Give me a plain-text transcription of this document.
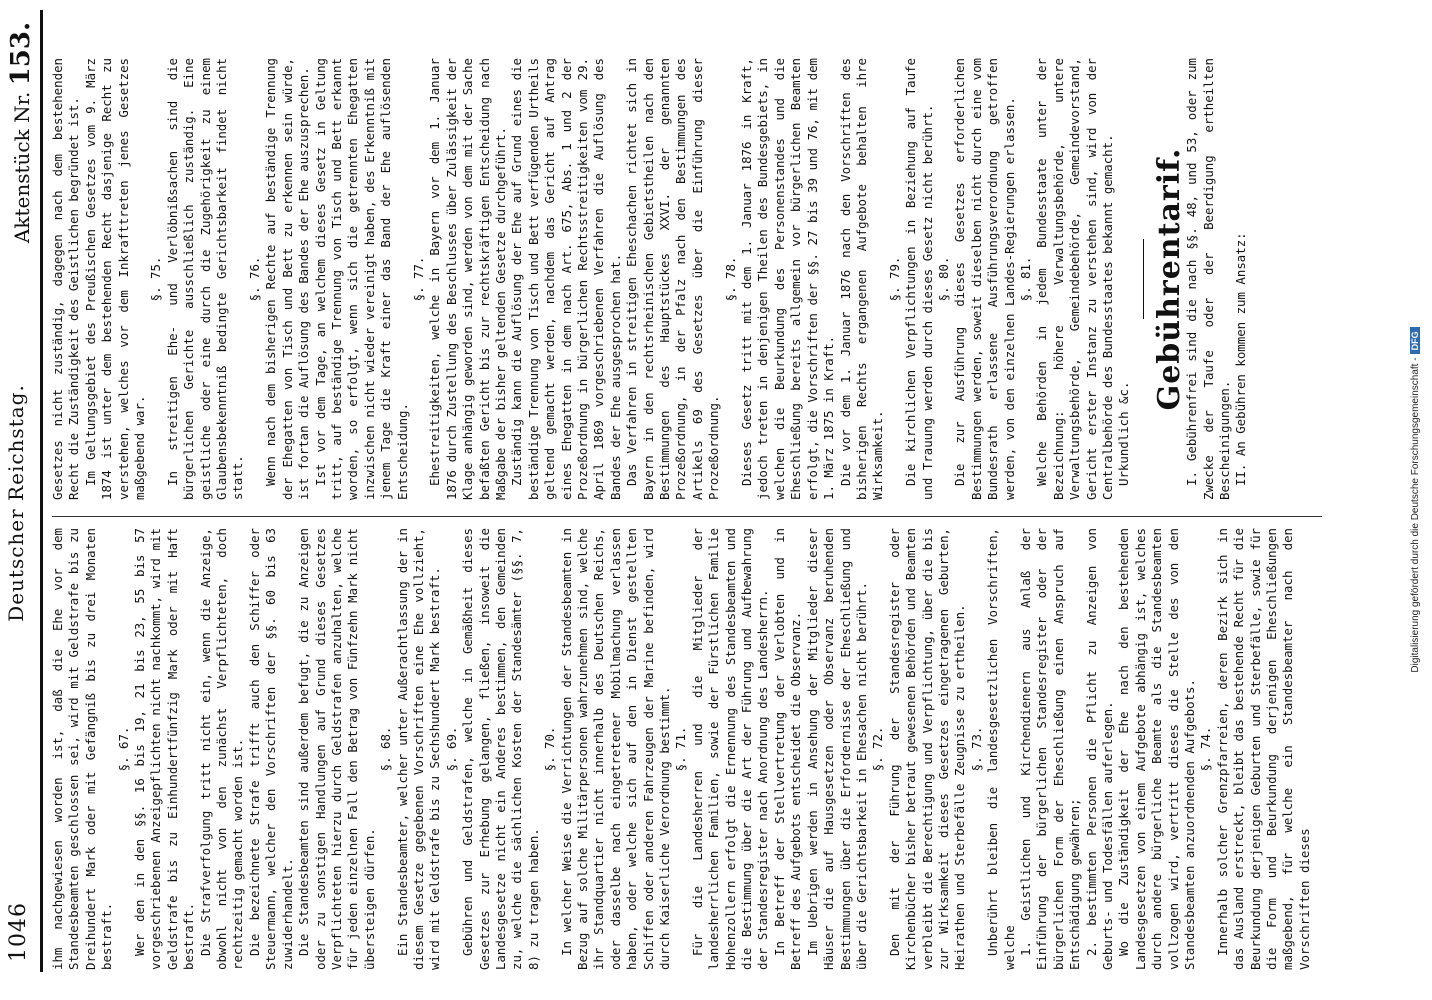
1046
Deutscher Reichstag.
Aktenstück Nr. 153.

ihm nachgewiesen worden ist, daß die Ehe vor dem Standesbeamten geschlossen sei, wird mit Geldstrafe bis zu Dreihundert Mark oder mit Gefängniß bis zu drei Monaten bestraft.

§. 67. Wer den in den §§. 16 bis 19, 21 bis 23, 55 bis 57 vorgeschriebenen Anzeigepflichten nicht nachkommt, wird mit Geldstrafe bis zu Einhundertfünfzig Mark oder mit Haft bestraft. Die Strafverfolgung tritt nicht ein, wenn die Anzeige, obwohl nicht von den zunächst Verpflichteten, doch rechtzeitig gemacht worden ist. Die bezeichnete Strafe trifft auch den Schiffer oder Steuermann, welcher den Vorschriften der §§. 60 bis 63 zuwiderhandelt. Die Standesbeamten sind außerdem befugt, die zu Anzeigen oder zu sonstigen Handlungen auf Grund dieses Gesetzes Verpflichteten hierzu durch Geldstrafen anzuhalten, welche für jeden einzelnen Fall den Betrag von Fünfzehn Mark nicht übersteigen dürfen.

§. 68. Ein Standesbeamter, welcher unter Außerachtlassung der in diesem Gesetze gegebenen Vorschriften eine Ehe vollzieht, wird mit Geldstrafe bis zu Sechshundert Mark bestraft. §. 69. Gebühren und Geldstrafen, welche in Gemäßheit dieses Gesetzes zur Erhebung gelangen, fließen, insoweit die Landesgesetze nicht ein Anderes bestimmen, den Gemeinden zu, welche die sächlichen Kosten der Standesämter (§§. 7, 8) zu tragen haben.

§. 70. In welcher Weise die Verrichtungen der Standesbeamten in Bezug auf solche Militärpersonen wahrzunehmen sind, welche ihr Standquartier nicht innerhalb des Deutschen Reichs, oder dasselbe nach eingetretener Mobilmachung verlassen haben, oder welche sich auf den in Dienst gestellten Schiffen oder anderen Fahrzeugen der Marine befinden, wird durch Kaiserliche Verordnung bestimmt. §. 71. Für die Landesherren und die Mitglieder der landesherrlichen Familien, sowie der Fürstlichen Familie Hohenzollern erfolgt die Ernennung des Standesbeamten und die Bestimmung über die Art der Führung und Aufbewahrung der Standesregister nach Anordnung des Landesherrn. In Betreff der Stellvertretung der Verlobten und in Betreff des Aufgebots entscheidet die Observanz. Im Uebrigen werden in Ansehung der Mitglieder dieser Häuser die auf Hausgesetzen oder Observanz beruhenden Bestimmungen über die Erfordernisse der Eheschließung und über die Gerichtsbarkeit in Ehesachen nicht berührt. §. 72. Den mit der Führung der Standesregister oder Kirchenbücher bisher betraut gewesenen Behörden und Beamten verbleibt die Berechtigung und Verpflichtung, über die bis zur Wirksamkeit dieses Gesetzes eingetragenen Geburten, Heirathen und Sterbefälle Zeugnisse zu ertheilen. §. 73. Unberührt bleiben die landesgesetzlichen Vorschriften, welche 1. Geistlichen und Kirchendienern aus Anlaß der Einführung der bürgerlichen Standesregister oder der bürgerlichen Form der Eheschließung einen Anspruch auf Entschädigung gewähren; 2. bestimmten Personen die Pflicht zu Anzeigen von Geburts- und Todesfällen auferlegen. Wo die Zuständigkeit der Ehe nach den bestehenden Landesgesetzen von einem Aufgebote abhängig ist, welches durch andere bürgerliche Beamte als die Standesbeamten vollzogen wird, vertritt dieses die Stelle des von den Standesbeamten anzuordnenden Aufgebots. §. 74. Innerhalb solcher Grenzpfarreien, deren Bezirk sich in das Ausland erstreckt, bleibt das bestehende Recht für die Beurkundung derjenigen Geburten und Sterbefälle, sowie für die Form und Beurkundung derjenigen Eheschließungen maßgebend, für welche ein Standesbeamter nach den Vorschriften dieses

Gesetzes nicht zuständig, dagegen nach dem bestehenden Recht die Zuständigkeit des Geistlichen begründet ist. Im Geltungsgebiet des Preußischen Gesetzes vom 9. März 1874 ist unter dem bestehenden Recht dasjenige Recht zu verstehen, welches vor dem Inkrafttreten jenes Gesetzes maßgebend war.

§. 75. In streitigen Ehe- und Verlöbnißsachen sind die bürgerlichen Gerichte ausschließlich zuständig. Eine geistliche oder eine durch die Zugehörigkeit zu einem Glaubensbekenntniß bedingte Gerichtsbarkeit findet nicht statt.

§. 76. Wenn nach dem bisherigen Rechte auf beständige Trennung der Ehegatten von Tisch und Bett zu erkennen sein würde, ist fortan die Auflösung des Bandes der Ehe auszusprechen. Ist vor dem Tage, an welchem dieses Gesetz in Geltung tritt, auf beständige Trennung von Tisch und Bett erkannt worden, so erfolgt, wenn sich die getrennten Ehegatten inzwischen nicht wieder vereinigt haben, des Erkenntniß mit jenem Tage die Kraft einer das Band der Ehe auflösenden Entscheidung.

§. 77. Ehestreitigkeiten, welche in Bayern vor dem 1. Januar 1876 durch Zustellung des Beschlusses über Zulässigkeit der Klage anhängig geworden sind, werden von dem mit der Sache befaßten Gericht bis zur rechtskräftigen Entscheidung nach Maßgabe der bisher geltenden Gesetze durchgeführt. Zuständig kann die Auflösung der Ehe auf Grund eines die beständige Trennung von Tisch und Bett verfügenden Urtheils geltend gemacht werden, nachdem das Gericht auf Antrag eines Ehegatten in dem nach Art. 675, Abs. 1 und 2 der Prozeßordnung in bürgerlichen Rechtsstreitigkeiten vom 29. April 1869 vorgeschriebenen Verfahren die Auflösung des Bandes der Ehe ausgesprochen hat. Das Verfahren in streitigen Eheschachen richtet sich in Bayern in den rechtsrheinischen Gebietstheilen nach den Bestimmungen des Hauptstückes XXVI. der genannten Prozeßordnung, in der Pfalz nach den Bestimmungen des Artikels 69 des Gesetzes über die Einführung dieser Prozeßordnung.

§. 78. Dieses Gesetz tritt mit dem 1. Januar 1876 in Kraft, jedoch treten in denjenigen Theilen des Bundesgebiets, in welchen die Beurkundung des Personenstandes und die Eheschließung bereits allgemein vor bürgerlichen Beamten erfolgt, die Vorschriften der §§. 27 bis 39 und 76, mit dem 1. März 1875 in Kraft. Die vor dem 1. Januar 1876 nach den Vorschriften des bisherigen Rechts ergangenen Aufgebote behalten ihre Wirksamkeit.

§. 79. Die kirchlichen Verpflichtungen in Beziehung auf Taufe und Trauung werden durch dieses Gesetz nicht berührt. §. 80. Die zur Ausführung dieses Gesetzes erforderlichen Bestimmungen werden, soweit dieselben nicht durch eine vom Bundesrath erlassene Ausführungsverordnung getroffen werden, von den einzelnen Landes-Regierungen erlassen. §. 81. Welche Behörden in jedem Bundesstaate unter der Bezeichnung: höhere Verwaltungsbehörde, untere Verwaltungsbehörde, Gemeindebehörde, Gemeindevorstand, Gericht erster Instanz zu verstehen sind, wird von der Centralbehörde des Bundesstaates bekannt gemacht. Urkundlich &c.

Gebührentarif.

I. Gebührenfrei sind die nach §§. 48, und 53, oder zum Zwecke der Taufe oder der Beerdigung ertheilten Bescheinigungen. II. An Gebühren kommen zum Ansatz:	Digitalisierung gefördert durch die Deutsche Forschungsgemeinschaft -DFG
